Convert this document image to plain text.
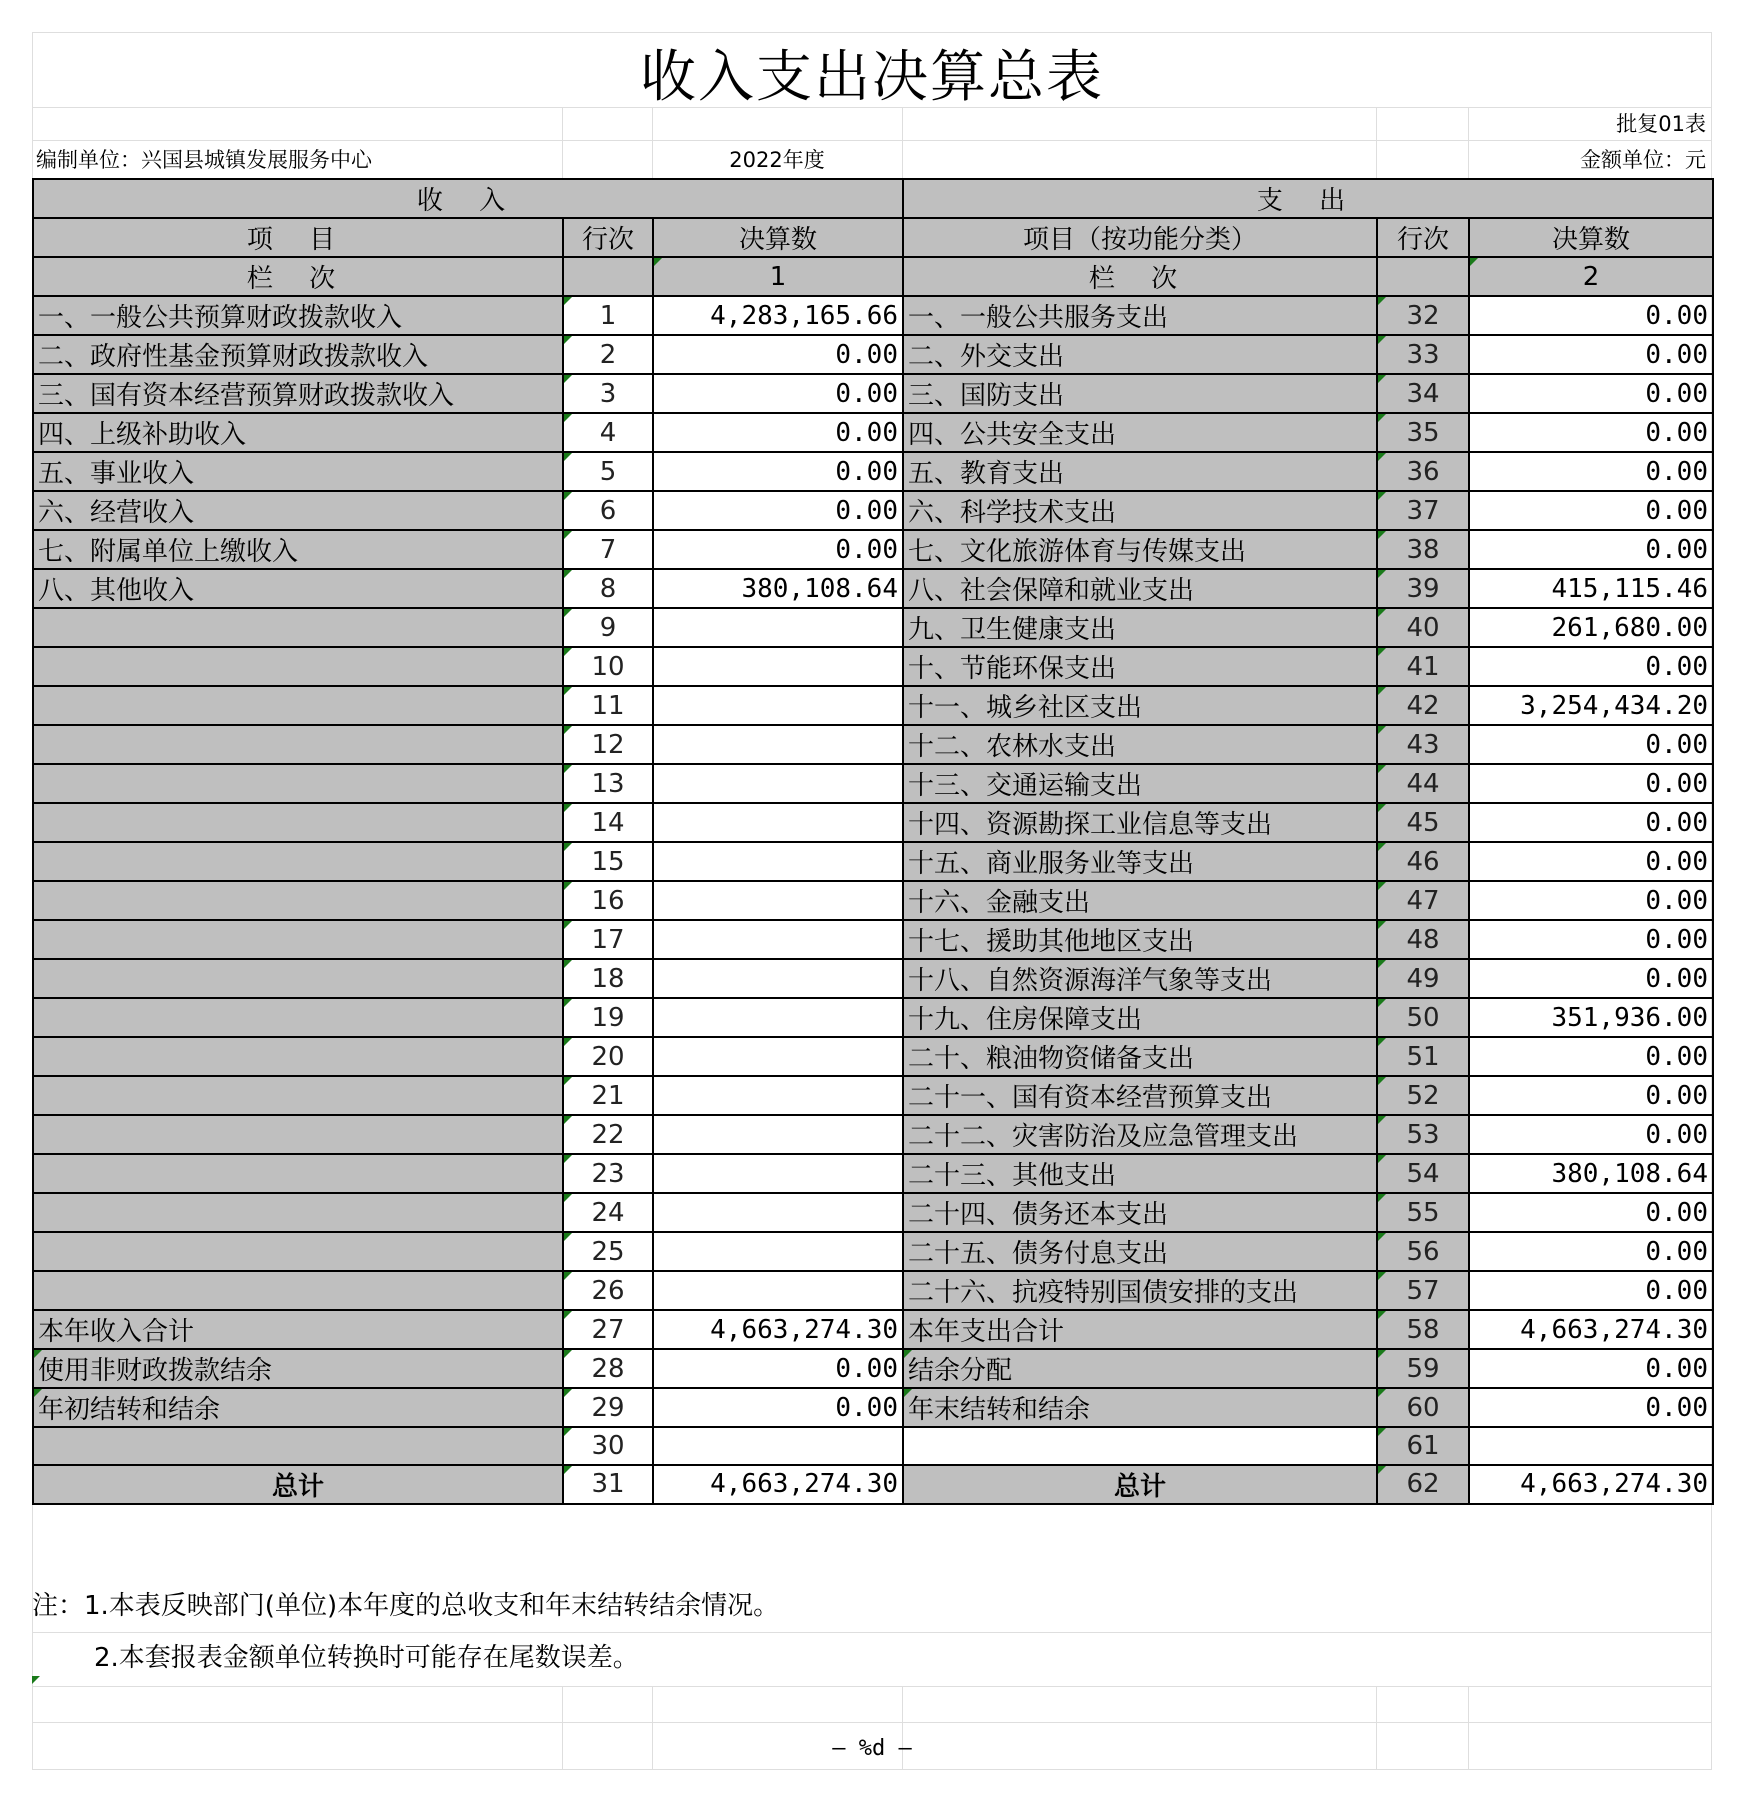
收入支出决算总表
批复01表
编制单位：兴国县城镇发展服务中心	2022年度	金额单位：元
收 入			支 出		
项 目	行次	决算数	项目（按功能分类）	行次	决算数
栏 次		1	栏 次		2
一、一般公共预算财政拨款收入	1	4,283,165.66	一、一般公共服务支出	32	0.00
二、政府性基金预算财政拨款收入	2	0.00	二、外交支出	33	0.00
三、国有资本经营预算财政拨款收入	3	0.00	三、国防支出	34	0.00
四、上级补助收入	4	0.00	四、公共安全支出	35	0.00
五、事业收入	5	0.00	五、教育支出	36	0.00
六、经营收入	6	0.00	六、科学技术支出	37	0.00
七、附属单位上缴收入	7	0.00	七、文化旅游体育与传媒支出	38	0.00
八、其他收入	8	380,108.64	八、社会保障和就业支出	39	415,115.46
	9		九、卫生健康支出	40	261,680.00
	10		十、节能环保支出	41	0.00
	11		十一、城乡社区支出	42	3,254,434.20
	12		十二、农林水支出	43	0.00
	13		十三、交通运输支出	44	0.00
	14		十四、资源勘探工业信息等支出	45	0.00
	15		十五、商业服务业等支出	46	0.00
	16		十六、金融支出	47	0.00
	17		十七、援助其他地区支出	48	0.00
	18		十八、自然资源海洋气象等支出	49	0.00
	19		十九、住房保障支出	50	351,936.00
	20		二十、粮油物资储备支出	51	0.00
	21		二十一、国有资本经营预算支出	52	0.00
	22		二十二、灾害防治及应急管理支出	53	0.00
	23		二十三、其他支出	54	380,108.64
	24		二十四、债务还本支出	55	0.00
	25		二十五、债务付息支出	56	0.00
	26		二十六、抗疫特别国债安排的支出	57	0.00
本年收入合计	27	4,663,274.30	本年支出合计	58	4,663,274.30
使用非财政拨款结余	28	0.00	结余分配	59	0.00
年初结转和结余	29	0.00	年末结转和结余	60	0.00
	30			61	
总计	31	4,663,274.30	总计	62	4,663,274.30
注：1.本表反映部门(单位)本年度的总收支和年末结转结余情况。
2.本套报表金额单位转换时可能存在尾数误差。
— %d —
